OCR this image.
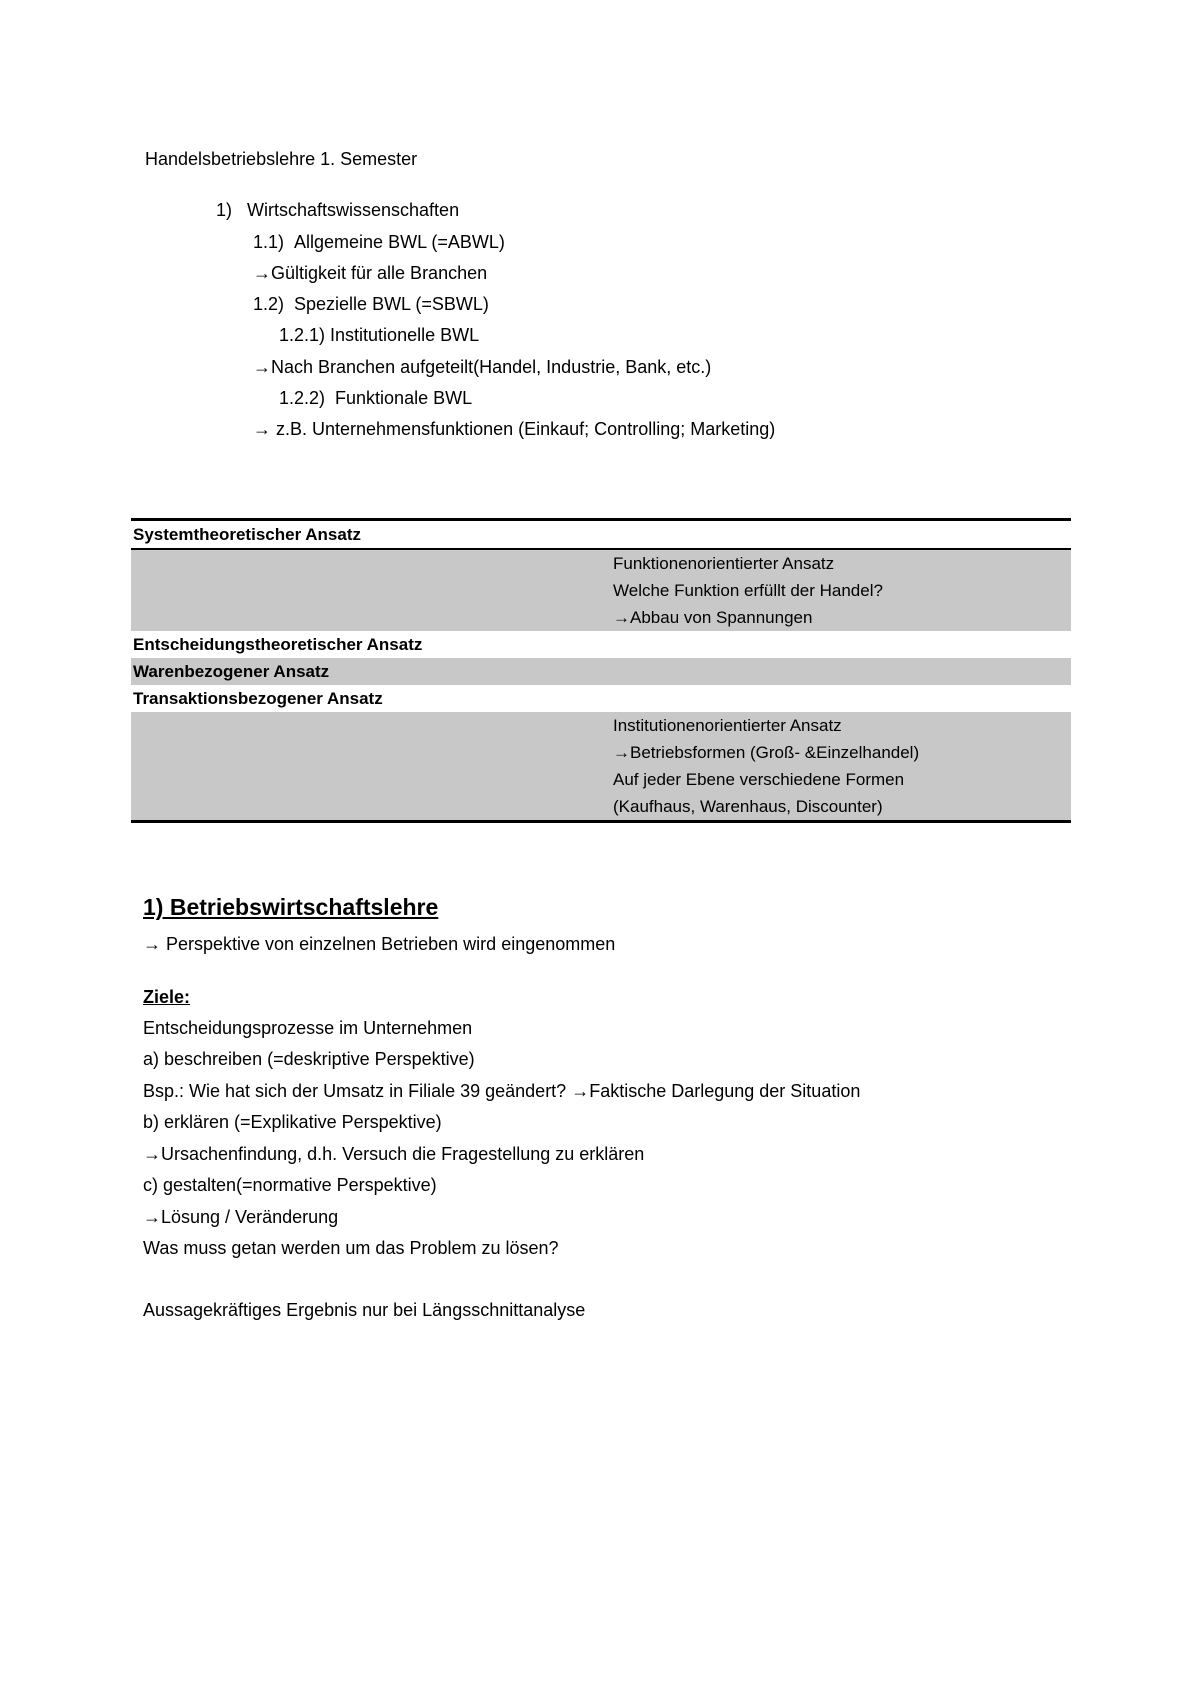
Handelsbetriebslehre 1. Semester
1)   Wirtschaftswissenschaften
1.1)  Allgemeine BWL (=ABWL)
→Gültigkeit für alle Branchen
1.2)  Spezielle BWL (=SBWL)
1.2.1) Institutionelle BWL
→Nach Branchen aufgeteilt(Handel, Industrie, Bank, etc.)
1.2.2)  Funktionale BWL
→ z.B. Unternehmensfunktionen (Einkauf; Controlling; Marketing)
Systemtheoretischer Ansatz	

	Funktionenorientierter Ansatz
Welche Funktion erfüllt der Handel?
→Abbau von Spannungen

Entscheidungstheoretischer Ansatz	
Warenbezogener Ansatz	
Transaktionsbezogener Ansatz	

	Institutionenorientierter Ansatz
→Betriebsformen (Groß- &Einzelhandel)
Auf jeder Ebene verschiedene Formen
(Kaufhaus, Warenhaus, Discounter)
1) Betriebswirtschaftslehre
→ Perspektive von einzelnen Betrieben wird eingenommen
Ziele:
Entscheidungsprozesse im Unternehmen
a) beschreiben (=deskriptive Perspektive)
Bsp.: Wie hat sich der Umsatz in Filiale 39 geändert? →Faktische Darlegung der Situation
b) erklären (=Explikative Perspektive)
→Ursachenfindung, d.h. Versuch die Fragestellung zu erklären
c) gestalten(=normative Perspektive)
→Lösung / Veränderung
Was muss getan werden um das Problem zu lösen?
Aussagekräftiges Ergebnis nur bei Längsschnittanalyse
